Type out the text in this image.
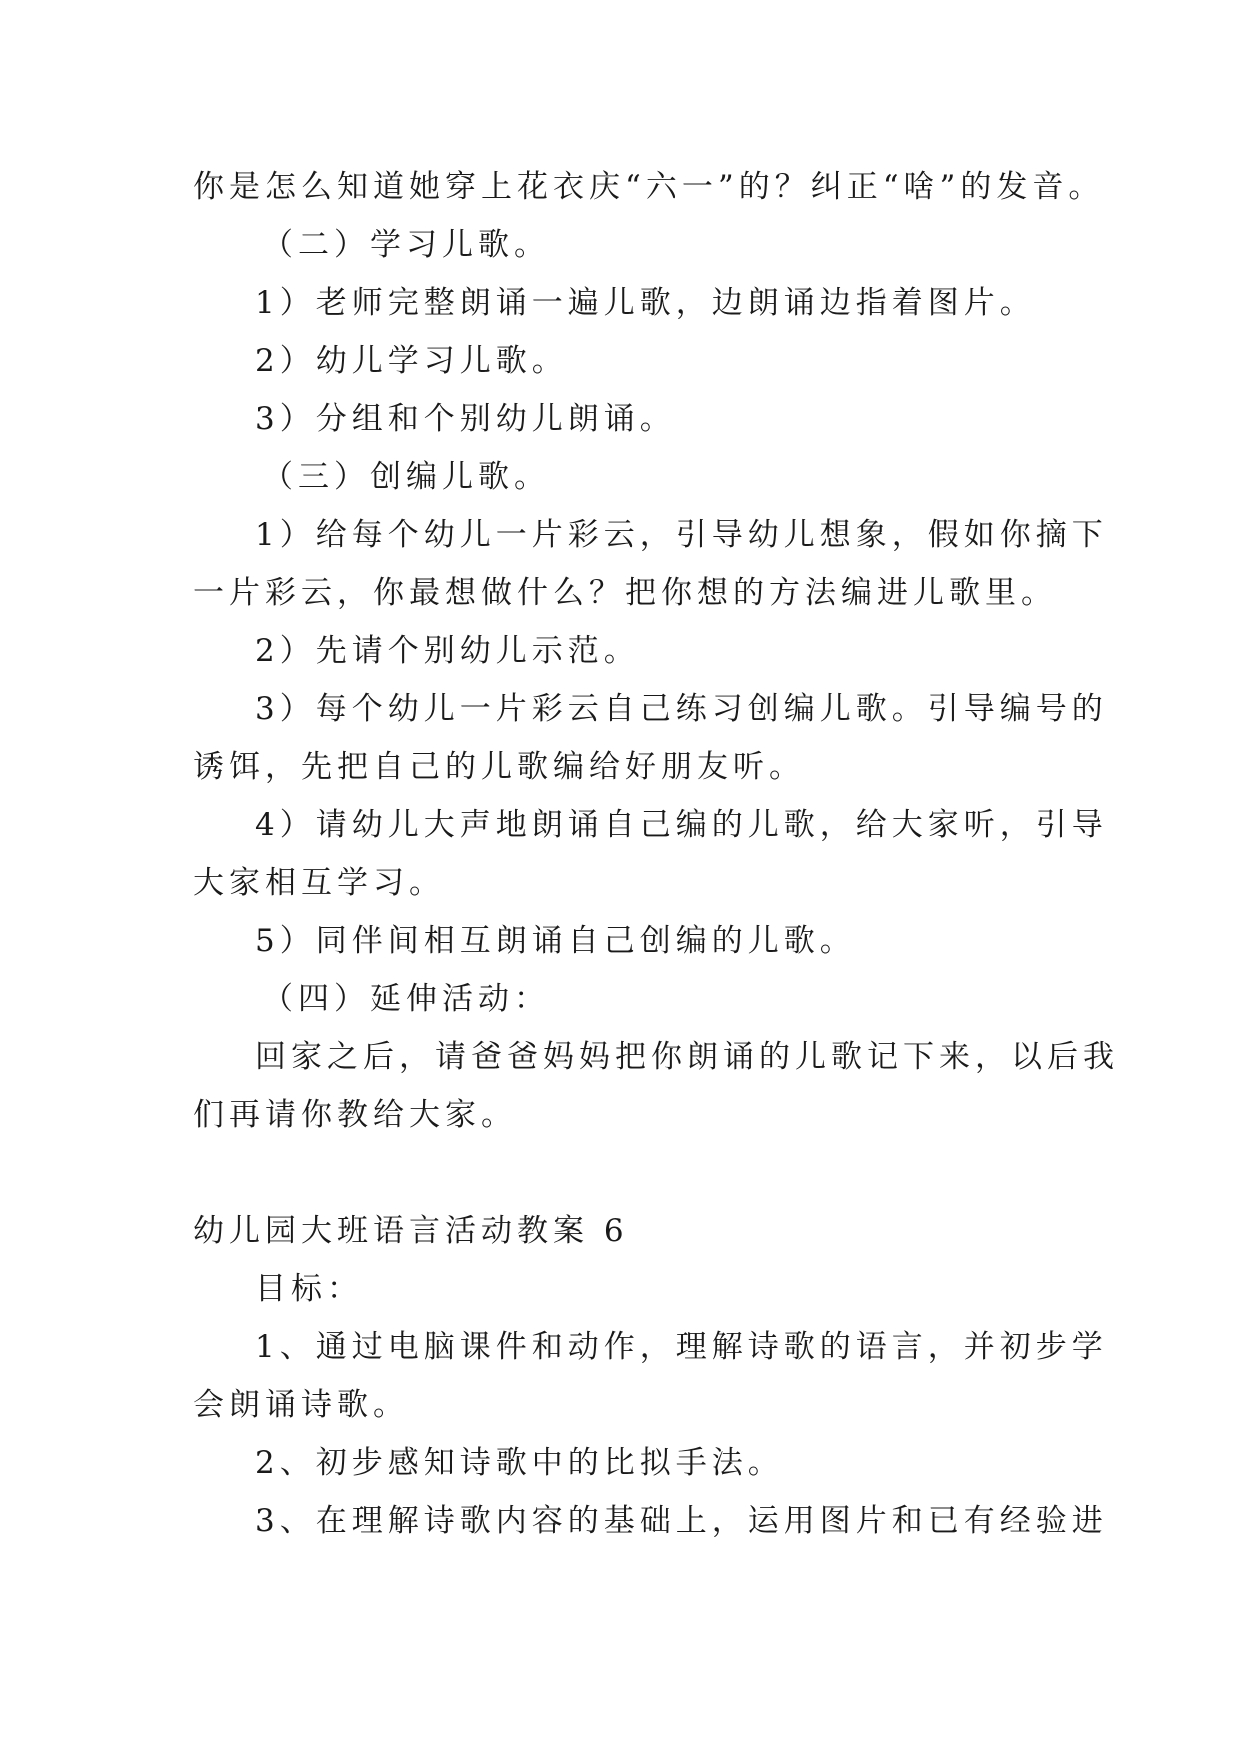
你是怎么知道她穿上花衣庆“六一”的？纠正“啥”的发音。
（二）学习儿歌。
1）老师完整朗诵一遍儿歌，边朗诵边指着图片。
2）幼儿学习儿歌。
3）分组和个别幼儿朗诵。
（三）创编儿歌。
1）给每个幼儿一片彩云，引导幼儿想象，假如你摘下
一片彩云，你最想做什么？把你想的方法编进儿歌里。
2）先请个别幼儿示范。
3）每个幼儿一片彩云自己练习创编儿歌。引导编号的
诱饵，先把自己的儿歌编给好朋友听。
4）请幼儿大声地朗诵自己编的儿歌，给大家听，引导
大家相互学习。
5）同伴间相互朗诵自己创编的儿歌。
（四）延伸活动：
回家之后，请爸爸妈妈把你朗诵的儿歌记下来，以后我
们再请你教给大家。
幼儿园大班语言活动教案 6
目标：
1、通过电脑课件和动作，理解诗歌的语言，并初步学
会朗诵诗歌。
2、初步感知诗歌中的比拟手法。
3、在理解诗歌内容的基础上，运用图片和已有经验进
